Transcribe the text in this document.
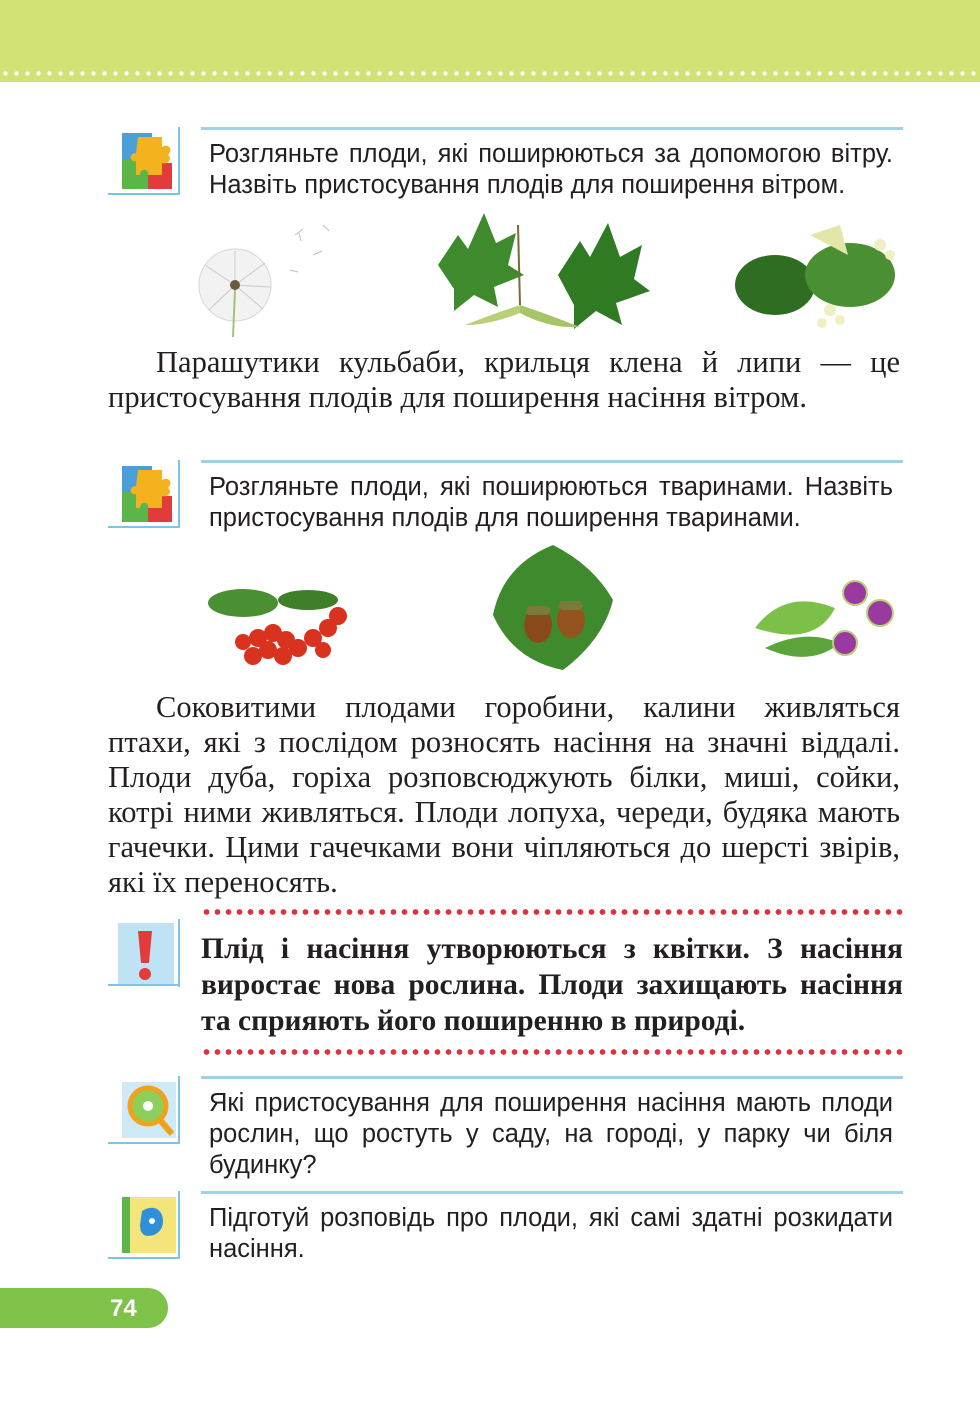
Розгляньте плоди, які поширюються за допомогою вітру. Назвіть пристосування плодів для поширення вітром.

Парашутики кульбаби, крильця клена й липи — це пристосування плодів для поширення насіння вітром.

Розгляньте плоди, які поширюються тваринами. Назвіть пристосування плодів для поширення тваринами.

Соковитими плодами горобини, калини живляться птахи, які з послідом розносять насіння на значні віддалі. Плоди дуба, горіха розповсюджують білки, миші, сойки, котрі ними живляться. Плоди лопуха, череди, будяка мають гачечки. Цими гачечками вони чіпляються до шерсті звірів, які їх переносять.

Плід і насіння утворюються з квітки. З насіння виростає нова рослина. Плоди захищають насіння та сприяють його поширенню в природі.

Які пристосування для поширення насіння мають плоди рослин, що ростуть у саду, на городі, у парку чи біля будинку?

Підготуй розповідь про плоди, які самі здатні розкидати насіння.

74
